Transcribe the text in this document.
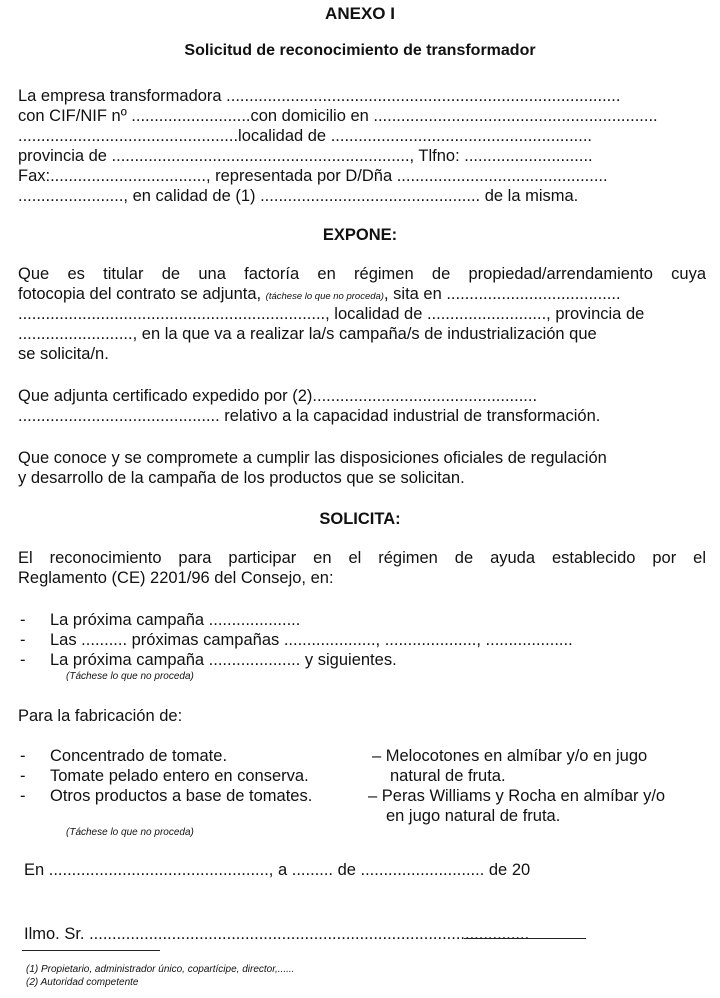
ANEXO I
Solicitud de reconocimiento de transformador
La empresa transformadora ......................................................................................
con CIF/NIF nº ..........................con domicilio en ..............................................................
................................................localidad de .........................................................
provincia de ................................................................., Tlfno: ............................
Fax:.................................., representada por D/Dña ..............................................
......................., en calidad de (1) ................................................ de la misma.
EXPONE:
Que es titular de una factoría en régimen de propiedad/arrendamiento cuya
fotocopia del contrato se adjunta, (táchese lo que no proceda), sita en ......................................
..................................................................., localidad de .........................., provincia de
........................., en la que va a realizar la/s campaña/s de industrialización que
se solicita/n.
Que adjunta certificado expedido por (2).................................................
............................................ relativo a la capacidad industrial de transformación.
Que conoce y se compromete a cumplir las disposiciones oficiales de regulación
y desarrollo de la campaña de los productos que se solicitan.
SOLICITA:
El reconocimiento para participar en el régimen de ayuda establecido por el
Reglamento (CE) 2201/96 del Consejo, en:
- La próxima campaña ....................
- Las .......... próximas campañas ...................., ...................., ...................
- La próxima campaña .................... y siguientes.
(Táchese lo que no proceda)
Para la fabricación de:
- Concentrado de tomate.
- Tomate pelado entero en conserva.
- Otros productos a base de tomates.
– Melocotones en almíbar y/o en jugo
natural de fruta.
– Peras Williams y Rocha en almíbar y/o
en jugo natural de fruta.
(Táchese lo que no proceda)
En ................................................, a ......... de ........................... de 20
Ilmo. Sr. ................................................................................................
(1) Propietario, administrador único, copartícipe, director,......
(2) Autoridad competente
